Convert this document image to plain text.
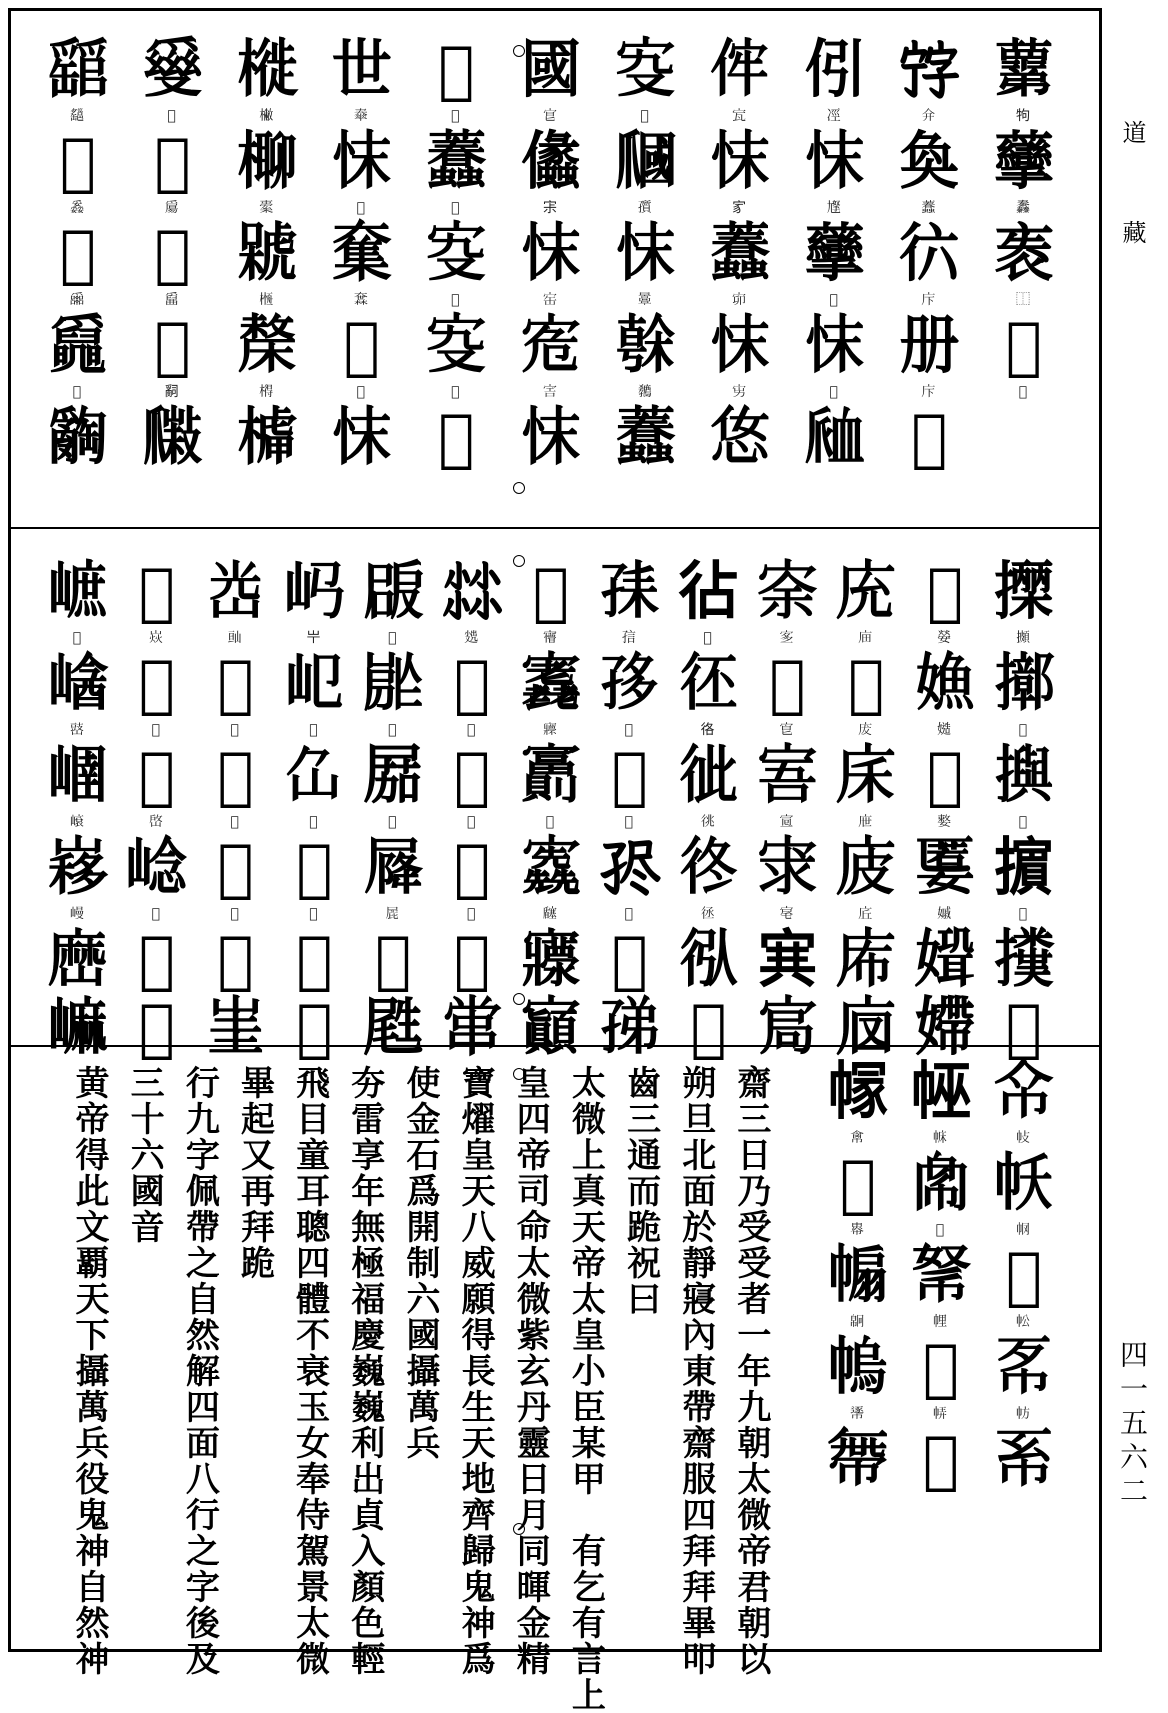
𧃣
𤘽
䖂
䆐
袠
⿰
𠣨
𠀑
𡨸
𠇋
奐
𧕷
𢓌
𢇗
册
𢇗
𡰁
𠇁
𠗊
𢗿
𡰀
䖂
𡰁
𢗿
𡰂
𧖴
𠈭
𡧗
𢗿
𡧘
𧕷
𡧙
𢗿
𡧚
𢘂
𡧌
𡦪
𤔩
𡦫
𢗿
𡦬
𣘒
𡦭
𧕷
國
𡧮
㒩
𡧯
𢗿
𡧰
𡧭
𡧱
𢗿
𢅄
𡢫
𧕷
𡢬
𡧌
𡢭
𡧌
𡢮
𡢪
世
𡙹
𢗿
𡙺
𡙸
𡙻
𢆨
𡙼
𢗿
𣘩
𣘮
𣘪
𣘯
𣘫
𣘰
𣘬
𣘱
𣘭
𤔪
𤔯
𤔫
𤔰
𤔬
𤔱
𤔭
𤔲
𤔮
𤕁
𤕆
𤕂
𤕇
𤕃
𤕈
𤕄
𤕉
𤕅
𢷡
𢷧
𢷢
𢷨
𢷣
𢷩
𢷤
𢷪
𢷥
𢷦
𡠴
𡠺
𡠵
𡠻
𡠶
𡠼
𡠷
𡠽
𡠸
𡠹
𢇰
𢇶
𢇱
𢇷
𢇲
𢇸
𢇳
𢇹
𢇴
𢇵
𡨀
𡨆
𡨁
𡨇
𡨂
𡨈
𡨃
𡨉
𡨄
𡨅
𢓕
𢓛
𢓖
𢓜
𢓗
𢓝
𢓘
𢓞
𢓙
𢓚
𡥤
𡥪
𡥥
𡥫
𡥦
𡥬
𡥧
𡥭
𡥨
𡥩
𡬀
𡬆
𡬁
𡬇
𡬂
𡬈
𡬃
𡬉
𡬄
𡬅
𡮐
𡮖
𡮑
𡮗
𡮒
𡮘
𡮓
𡮙
𡮔
𡮕
𡲠
𡲦
𡲡
𡲧
𡲢
𡲨
𡲣
𡲩
𡲤
𡲥
𡴰
𡴶
𡴱
𡴷
𡴲
𡴸
𡴳
𡴹
𡴴
𡴵
𡷀
𡷆
𡷁
𡷇
𡷂
𡷈
𡷃
𡷉
𡷄
𡷅
𡹐
𡹖
𡹑
𡹗
𡹒
𡹘
𡹓
𡹙
𡹔
𡹕
𡻠
𡻦
𡻡
𡻧
𡻢
𡻨
𡻣
𡻩
𡻤
𡻥
𢁰
𢁵
𢁱
𢁶
𢁲
𢁷
𢁳
𢁸
𢁴
𢃀
𢃅
𢃁
𢃆
𢃂
𢃇
𢃃
𢃈
𢃄
𢄐
𢄕
𢄑
𢄖
𢄒
𢄗
𢄓
𢄘
𢄔
齋三日乃受受者一年九朝太微帝君朝以
朔旦北面於靜寢內東帶齋服四拜拜畢叩
齒三通而跪祝曰
太微上真天帝太皇小臣某甲　有乞有言上
皇四帝司命太微紫玄丹靈日月同暉金精
寶燿皇天八威願得長生天地齊歸鬼神爲
使金石爲開制六國攝萬兵
夯雷享年無極福慶巍巍利出貞入顏色輕
飛目童耳聰四體不衰玉女奉侍駕景太微
畢起又再拜跪
行九字佩帶之自然解四面八行之字後及
三十六國音
黄帝得此文覇天下攝萬兵役鬼神自然神
道
藏
四一五六二
